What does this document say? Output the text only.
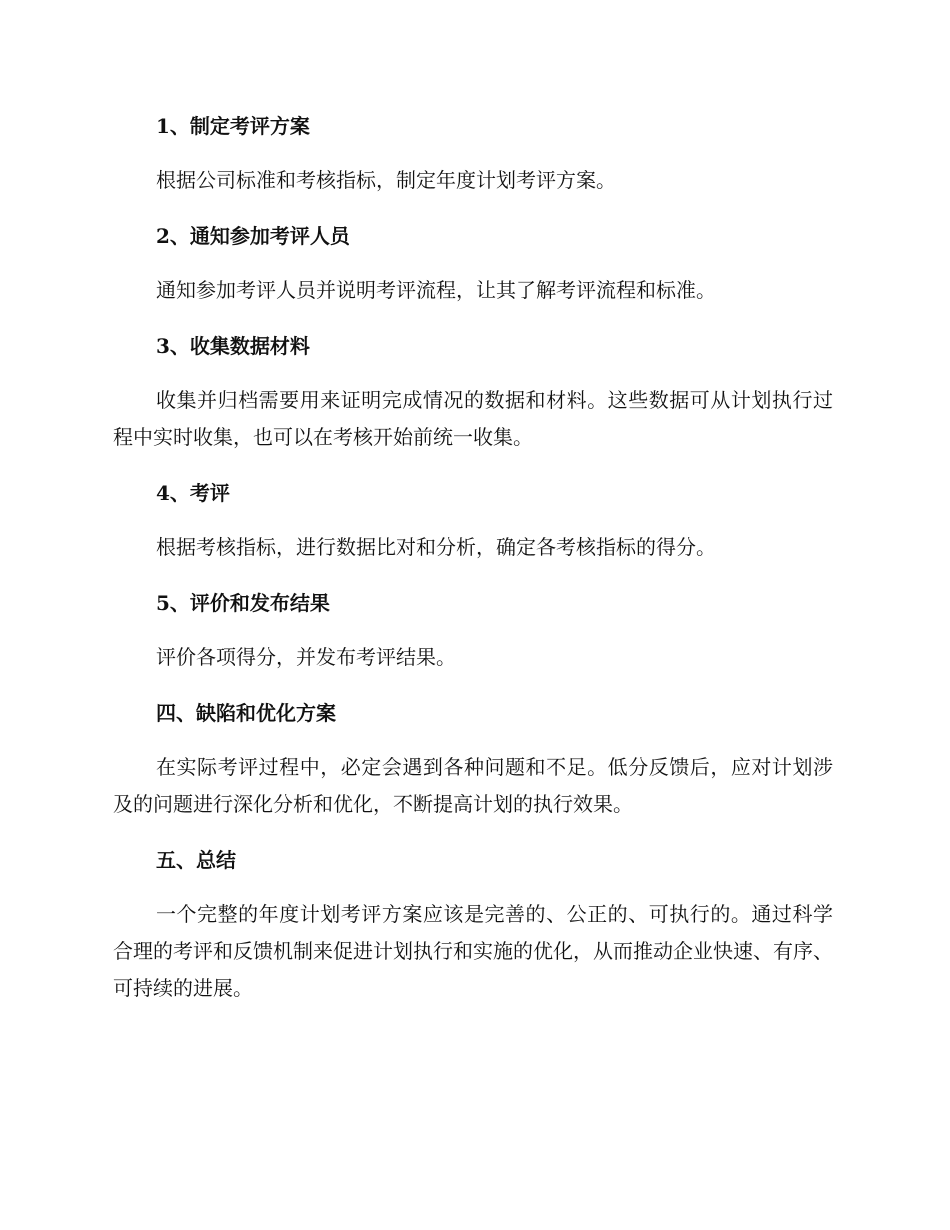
1、制定考评方案

根据公司标准和考核指标，制定年度计划考评方案。

2、通知参加考评人员

通知参加考评人员并说明考评流程，让其了解考评流程和标准。

3、收集数据材料

收集并归档需要用来证明完成情况的数据和材料。这些数据可从计划执行过程中实时收集，也可以在考核开始前统一收集。

4、考评

根据考核指标，进行数据比对和分析，确定各考核指标的得分。

5、评价和发布结果

评价各项得分，并发布考评结果。

四、缺陷和优化方案

在实际考评过程中，必定会遇到各种问题和不足。低分反馈后，应对计划涉及的问题进行深化分析和优化，不断提高计划的执行效果。

五、总结

一个完整的年度计划考评方案应该是完善的、公正的、可执行的。通过科学合理的考评和反馈机制来促进计划执行和实施的优化，从而推动企业快速、有序、可持续的进展。
